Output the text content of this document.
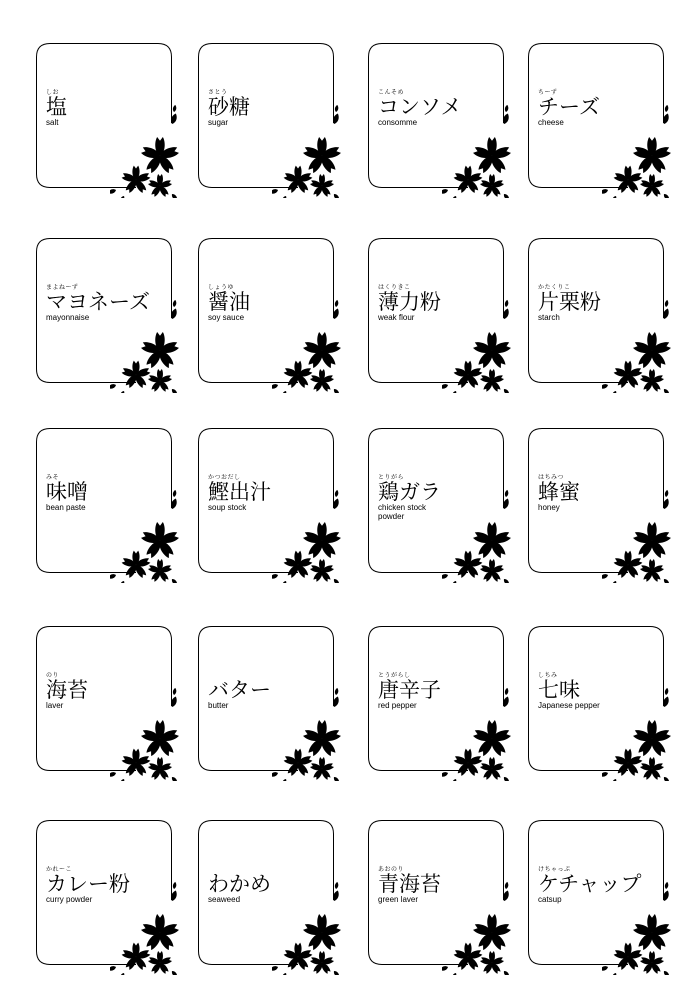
しお
塩
salt
さとう
砂糖
sugar
こんそめ
コンソメ
consomme
ちーず
チーズ
cheese
まよねーず
マヨネーズ
mayonnaise
しょうゆ
醤油
soy sauce
はくりきこ
薄力粉
weak flour
かたくりこ
片栗粉
starch
みそ
味噌
bean paste
かつおだし
鰹出汁
soup stock
とりがら
鶏ガラ
chicken stock powder
はちみつ
蜂蜜
honey
のり
海苔
laver
バター
butter
とうがらし
唐辛子
red pepper
しちみ
七味
Japanese pepper
かれーこ
カレー粉
curry powder
わかめ
seaweed
あおのり
青海苔
green laver
けちゃっぷ
ケチャップ
catsup
